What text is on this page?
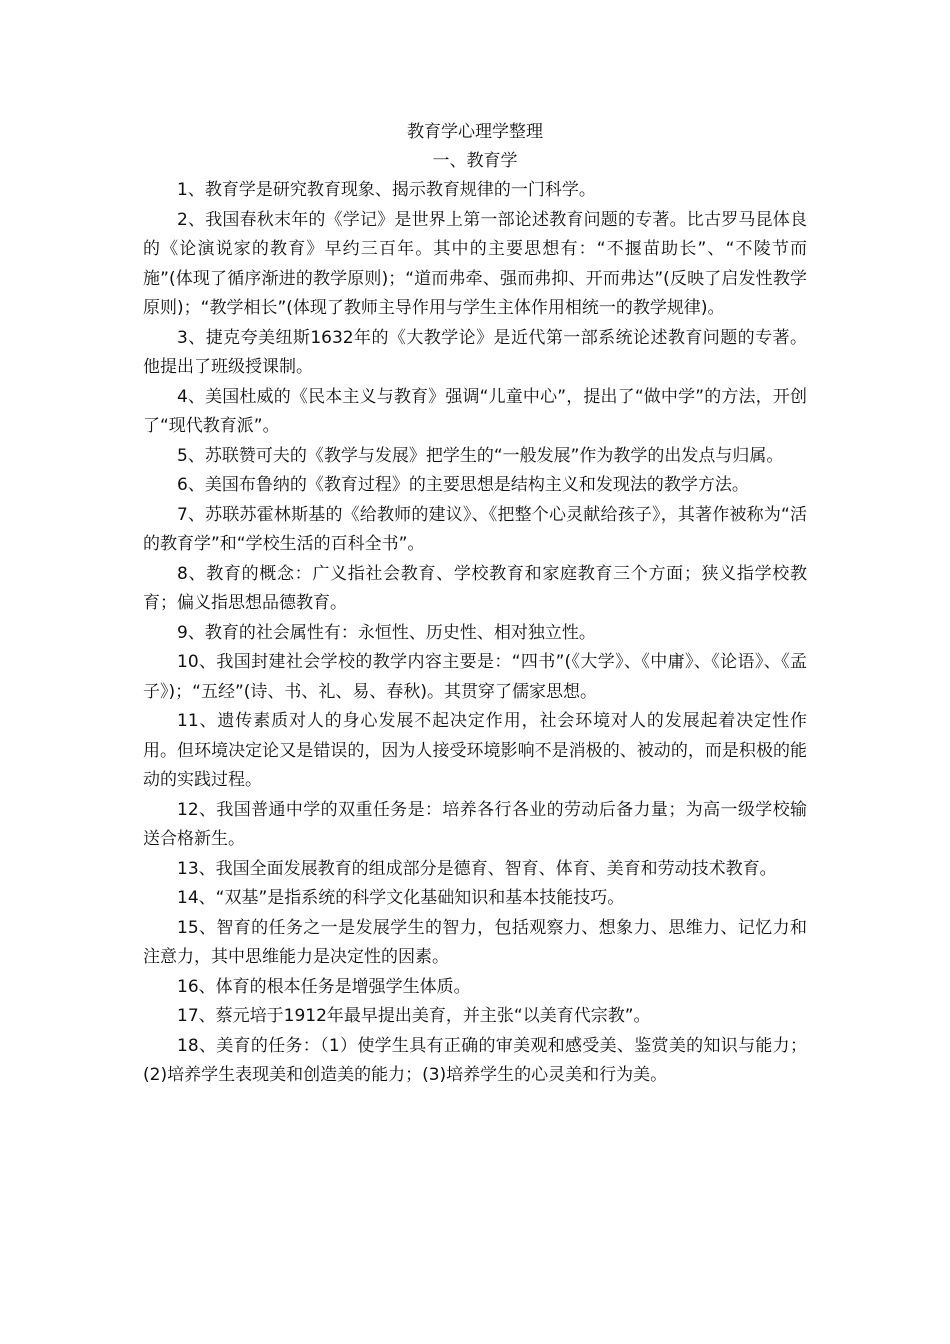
教育学心理学整理
一、教育学

1、教育学是研究教育现象、揭示教育规律的一门科学。

2、我国春秋末年的《学记》是世界上第一部论述教育问题的专著。比古罗马昆体良的《论演说家的教育》早约三百年。其中的主要思想有：“不揠苗助长”、“不陵节而施”(体现了循序渐进的教学原则)；“道而弗牵、强而弗抑、开而弗达”(反映了启发性教学原则)；“教学相长”(体现了教师主导作用与学生主体作用相统一的教学规律)。

3、捷克夸美纽斯1632年的《大教学论》是近代第一部系统论述教育问题的专著。他提出了班级授课制。

4、美国杜威的《民本主义与教育》强调“儿童中心”，提出了“做中学”的方法，开创了“现代教育派”。

5、苏联赞可夫的《教学与发展》把学生的“一般发展”作为教学的出发点与归属。

6、美国布鲁纳的《教育过程》的主要思想是结构主义和发现法的教学方法。

7、苏联苏霍林斯基的《给教师的建议》、《把整个心灵献给孩子》，其著作被称为“活的教育学”和“学校生活的百科全书”。

8、教育的概念：广义指社会教育、学校教育和家庭教育三个方面；狭义指学校教育；偏义指思想品德教育。

9、教育的社会属性有：永恒性、历史性、相对独立性。

10、我国封建社会学校的教学内容主要是：“四书”(《大学》、《中庸》、《论语》、《孟子》)；“五经”(诗、书、礼、易、春秋)。其贯穿了儒家思想。

11、遗传素质对人的身心发展不起决定作用，社会环境对人的发展起着决定性作用。但环境决定论又是错误的，因为人接受环境影响不是消极的、被动的，而是积极的能动的实践过程。

12、我国普通中学的双重任务是：培养各行各业的劳动后备力量；为高一级学校输送合格新生。

13、我国全面发展教育的组成部分是德育、智育、体育、美育和劳动技术教育。

14、“双基”是指系统的科学文化基础知识和基本技能技巧。

15、智育的任务之一是发展学生的智力，包括观察力、想象力、思维力、记忆力和注意力，其中思维能力是决定性的因素。

16、体育的根本任务是增强学生体质。

17、蔡元培于1912年最早提出美育，并主张“以美育代宗教”。

18、美育的任务：（1）使学生具有正确的审美观和感受美、鉴赏美的知识与能力；(2)培养学生表现美和创造美的能力；(3)培养学生的心灵美和行为美。
